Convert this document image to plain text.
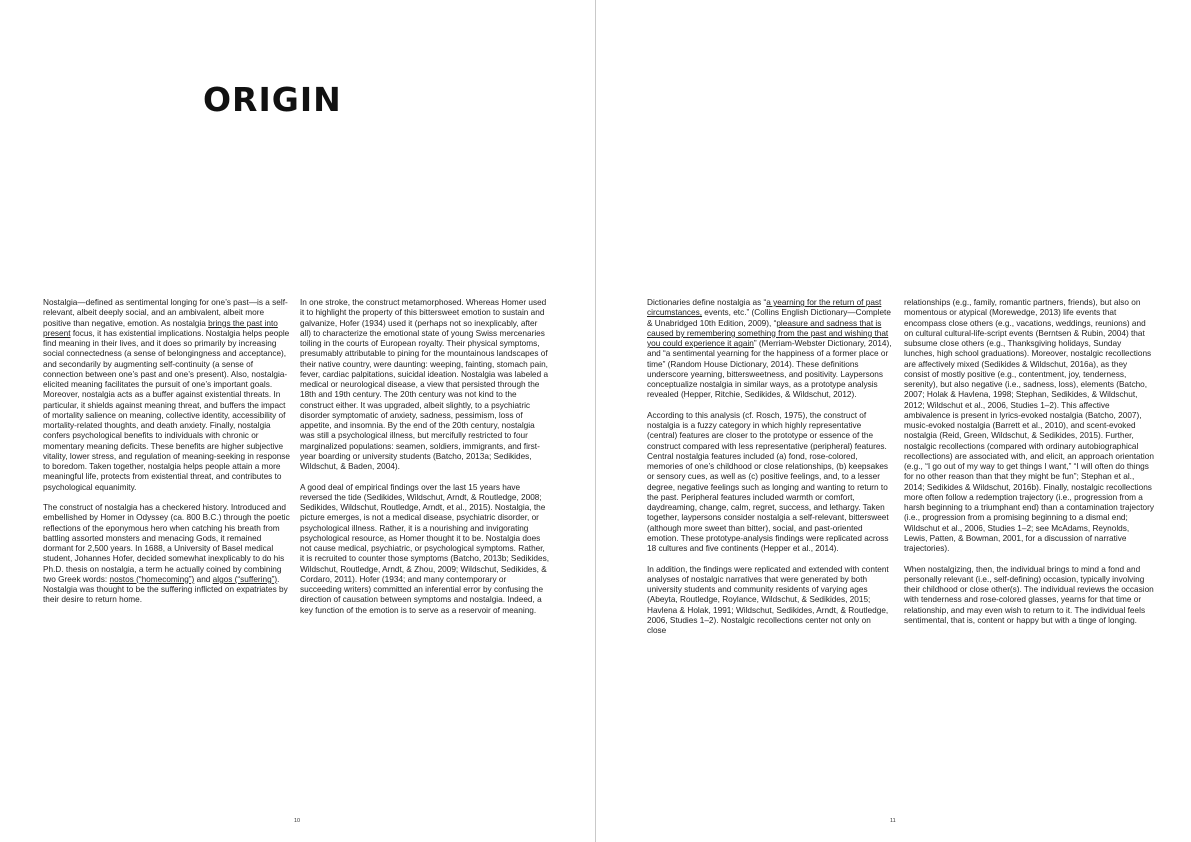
ORIGIN

Nostalgia—defined as sentimental longing for one’s past—is a self-relevant, albeit deeply social, and an ambivalent, albeit more positive than negative, emotion. As nostalgia brings the past into present focus, it has existential implications. Nostalgia helps people find meaning in their lives, and it does so primarily by increasing social connectedness (a sense of belongingness and acceptance), and secondarily by augmenting self-continuity (a sense of connection between one’s past and one’s present). Also, nostalgia-elicited meaning facilitates the pursuit of one’s important goals. Moreover, nostalgia acts as a buffer against existential threats. In particular, it shields against meaning threat, and buffers the impact of mortality salience on meaning, collective identity, accessibility of mortality-related thoughts, and death anxiety. Finally, nostalgia confers psychological benefits to individuals with chronic or momentary meaning deficits. These benefits are higher subjective vitality, lower stress, and regulation of meaning-seeking in response to boredom. Taken together, nostalgia helps people attain a more meaningful life, protects from existential threat, and contributes to psychological equanimity.

The construct of nostalgia has a checkered history. Introduced and embellished by Homer in Odyssey (ca. 800 B.C.) through the poetic reflections of the eponymous hero when catching his breath from battling assorted monsters and menacing Gods, it remained dormant for 2,500 years. In 1688, a University of Basel medical student, Johannes Hofer, decided somewhat inexplicably to do his Ph.D. thesis on nostalgia, a term he actually coined by combining two Greek words: nostos (“homecoming”) and algos (“suffering”). Nostalgia was thought to be the suffering inflicted on expatriates by their desire to return home.

In one stroke, the construct metamorphosed. Whereas Homer used it to highlight the property of this bittersweet emotion to sustain and galvanize, Hofer (1934) used it (perhaps not so inexplicably, after all) to characterize the emotional state of young Swiss mercenaries toiling in the courts of European royalty. Their physical symptoms, presumably attributable to pining for the mountainous landscapes of their native country, were daunting: weeping, fainting, stomach pain, fever, cardiac palpitations, suicidal ideation. Nostalgia was labeled a medical or neurological disease, a view that persisted through the 18th and 19th century. The 20th century was not kind to the construct either. It was upgraded, albeit slightly, to a psychiatric disorder symptomatic of anxiety, sadness, pessimism, loss of appetite, and insomnia. By the end of the 20th century, nostalgia was still a psychological illness, but mercifully restricted to four marginalized populations: seamen, soldiers, immigrants, and first-year boarding or university students (Batcho, 2013a; Sedikides, Wildschut, & Baden, 2004).

A good deal of empirical findings over the last 15 years have reversed the tide (Sedikides, Wildschut, Arndt, & Routledge, 2008; Sedikides, Wildschut, Routledge, Arndt, et al., 2015). Nostalgia, the picture emerges, is not a medical disease, psychiatric disorder, or psychological illness. Rather, it is a nourishing and invigorating psychological resource, as Homer thought it to be. Nostalgia does not cause medical, psychiatric, or psychological symptoms. Rather, it is recruited to counter those symptoms (Batcho, 2013b; Sedikides, Wildschut, Routledge, Arndt, & Zhou, 2009; Wildschut, Sedikides, & Cordaro, 2011). Hofer (1934; and many contemporary or succeeding writers) committed an inferential error by confusing the direction of causation between symptoms and nostalgia. Indeed, a key function of the emotion is to serve as a reservoir of meaning.

10

Dictionaries define nostalgia as “a yearning for the return of past circumstances, events, etc.” (Collins English Dictionary—Complete & Unabridged 10th Edition, 2009), “pleasure and sadness that is caused by remembering something from the past and wishing that you could experience it again” (Merriam-Webster Dictionary, 2014), and “a sentimental yearning for the happiness of a former place or time” (Random House Dictionary, 2014). These definitions underscore yearning, bittersweetness, and positivity. Laypersons conceptualize nostalgia in similar ways, as a prototype analysis revealed (Hepper, Ritchie, Sedikides, & Wildschut, 2012).

According to this analysis (cf. Rosch, 1975), the construct of nostalgia is a fuzzy category in which highly representative (central) features are closer to the prototype or essence of the construct compared with less representative (peripheral) features. Central nostalgia features included (a) fond, rose-colored, memories of one’s childhood or close relationships, (b) keepsakes or sensory cues, as well as (c) positive feelings, and, to a lesser degree, negative feelings such as longing and wanting to return to the past. Peripheral features included warmth or comfort, daydreaming, change, calm, regret, success, and lethargy. Taken together, laypersons consider nostalgia a self-relevant, bittersweet (although more sweet than bitter), social, and past-oriented emotion. These prototype-analysis findings were replicated across 18 cultures and five continents (Hepper et al., 2014).

In addition, the findings were replicated and extended with content analyses of nostalgic narratives that were generated by both university students and community residents of varying ages (Abeyta, Routledge, Roylance, Wildschut, & Sedikides, 2015; Havlena & Holak, 1991; Wildschut, Sedikides, Arndt, & Routledge, 2006, Studies 1–2). Nostalgic recollections center not only on close

relationships (e.g., family, romantic partners, friends), but also on momentous or atypical (Morewedge, 2013) life events that encompass close others (e.g., vacations, weddings, reunions) and on cultural cultural-life-script events (Berntsen & Rubin, 2004) that subsume close others (e.g., Thanksgiving holidays, Sunday lunches, high school graduations). Moreover, nostalgic recollections are affectively mixed (Sedikides & Wildschut, 2016a), as they consist of mostly positive (e.g., contentment, joy, tenderness, serenity), but also negative (i.e., sadness, loss), elements (Batcho, 2007; Holak & Havlena, 1998; Stephan, Sedikides, & Wildschut, 2012; Wildschut et al., 2006, Studies 1–2). This affective ambivalence is present in lyrics-evoked nostalgia (Batcho, 2007), music-evoked nostalgia (Barrett et al., 2010), and scent-evoked nostalgia (Reid, Green, Wildschut, & Sedikides, 2015). Further, nostalgic recollections (compared with ordinary autobiographical recollections) are associated with, and elicit, an approach orientation (e.g., “I go out of my way to get things I want,” “I will often do things for no other reason than that they might be fun”; Stephan et al., 2014; Sedikides & Wildschut, 2016b). Finally, nostalgic recollections more often follow a redemption trajectory (i.e., progression from a harsh beginning to a triumphant end) than a contamination trajectory (i.e., progression from a promising beginning to a dismal end; Wildschut et al., 2006, Studies 1–2; see McAdams, Reynolds, Lewis, Patten, & Bowman, 2001, for a discussion of narrative trajectories).

When nostalgizing, then, the individual brings to mind a fond and personally relevant (i.e., self-defining) occasion, typically involving their childhood or close other(s). The individual reviews the occasion with tenderness and rose-colored glasses, yearns for that time or relationship, and may even wish to return to it. The individual feels sentimental, that is, content or happy but with a tinge of longing.

11
